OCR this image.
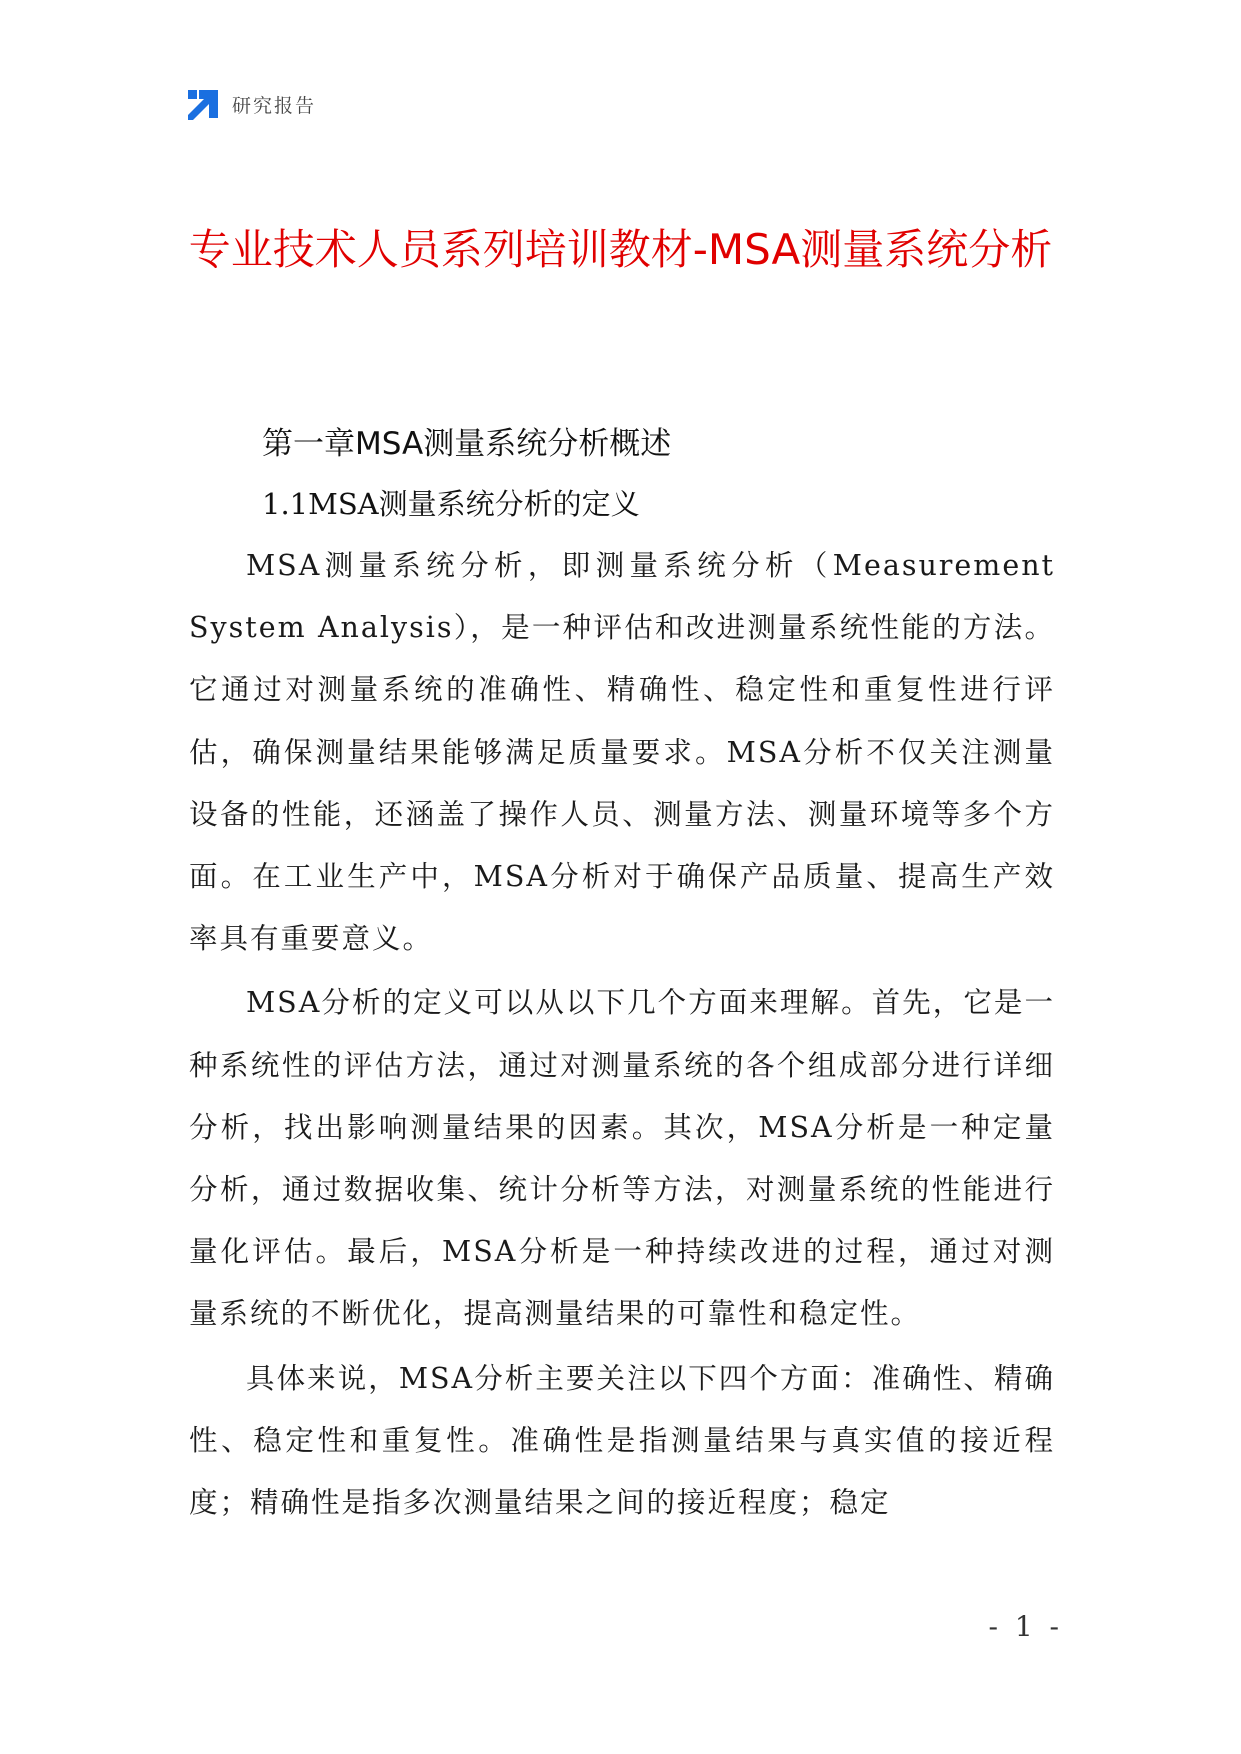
研究报告
专业技术人员系列培训教材-MSA测量系统分析
第一章MSA测量系统分析概述
1.1MSA测量系统分析的定义

MSA测量系统分析，即测量系统分析（Measurement System Analysis），是一种评估和改进测量系统性能的方法。它通过对测量系统的准确性、精确性、稳定性和重复性进行评估，确保测量结果能够满足质量要求。MSA分析不仅关注测量设备的性能，还涵盖了操作人员、测量方法、测量环境等多个方面。在工业生产中，MSA分析对于确保产品质量、提高生产效率具有重要意义。

MSA分析的定义可以从以下几个方面来理解。首先，它是一种系统性的评估方法，通过对测量系统的各个组成部分进行详细分析，找出影响测量结果的因素。其次，MSA分析是一种定量分析，通过数据收集、统计分析等方法，对测量系统的性能进行量化评估。最后，MSA分析是一种持续改进的过程，通过对测量系统的不断优化，提高测量结果的可靠性和稳定性。

具体来说，MSA分析主要关注以下四个方面：准确性、精确性、稳定性和重复性。准确性是指测量结果与真实值的接近程度；精确性是指多次测量结果之间的接近程度；稳定

- 1 -
